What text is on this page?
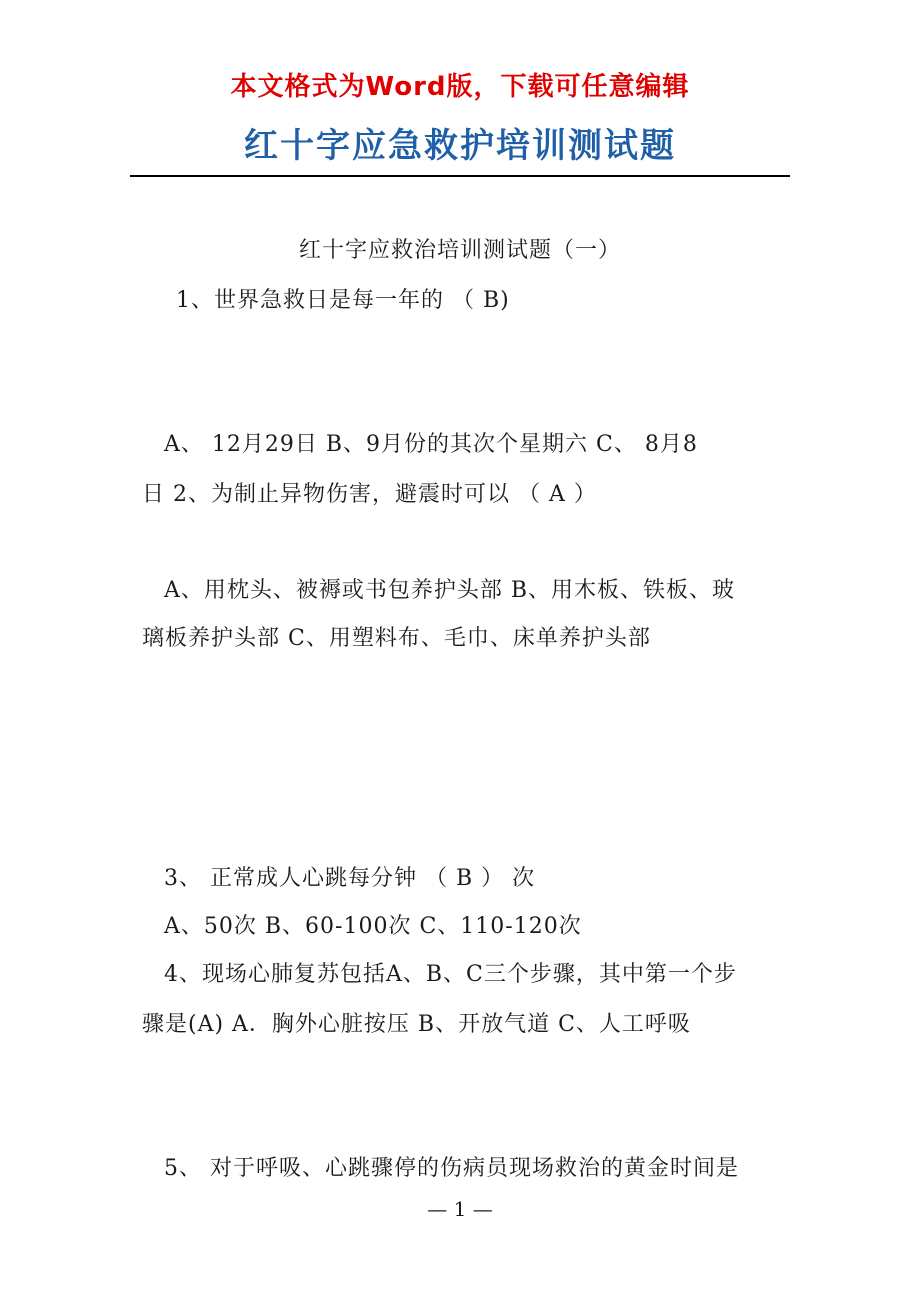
本文格式为Word版，下载可任意编辑
红十字应急救护培训测试题
红十字应救治培训测试题（一）
1、世界急救日是每一年的 （ B)
A、 12月29日 B、9月份的其次个星期六 C、 8月8
日 2、为制止异物伤害，避震时可以 （ A ）
A、用枕头、被褥或书包养护头部 B、用木板、铁板、玻
璃板养护头部 C、用塑料布、毛巾、床单养护头部
3、 正常成人心跳每分钟 （ B ） 次
A、50次 B、60-100次 C、110-120次
4、现场心肺复苏包括A、B、C三个步骤，其中第一个步
骤是(A) A．胸外心脏按压 B、开放气道 C、人工呼吸
5、 对于呼吸、心跳骤停的伤病员现场救治的黄金时间是
— 1 —
